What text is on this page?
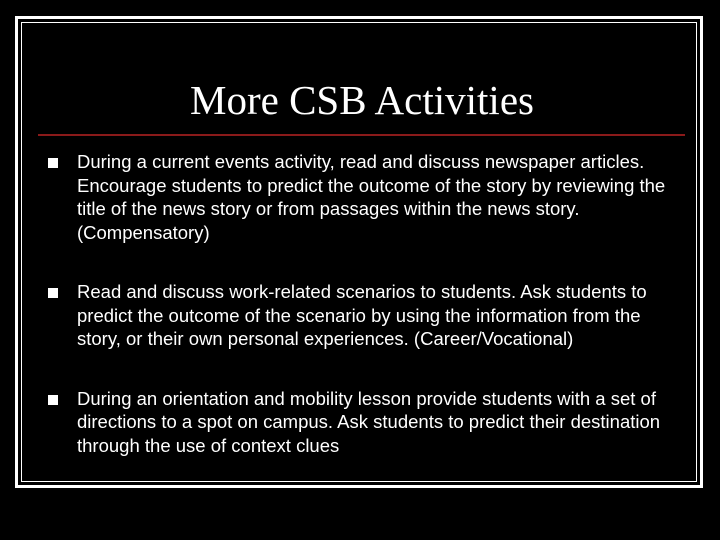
More CSB Activities
During a current events activity, read and discuss newspaper articles. Encourage students to predict the outcome of the story by reviewing the title of the news story or from passages within the news story. (Compensatory)
Read and discuss work-related scenarios to students. Ask students to predict the outcome of the scenario by using the information from the story, or their own personal experiences. (Career/Vocational)
During an orientation and mobility lesson provide students with a set of directions to a spot on campus. Ask students to predict their destination through the use of context clues
